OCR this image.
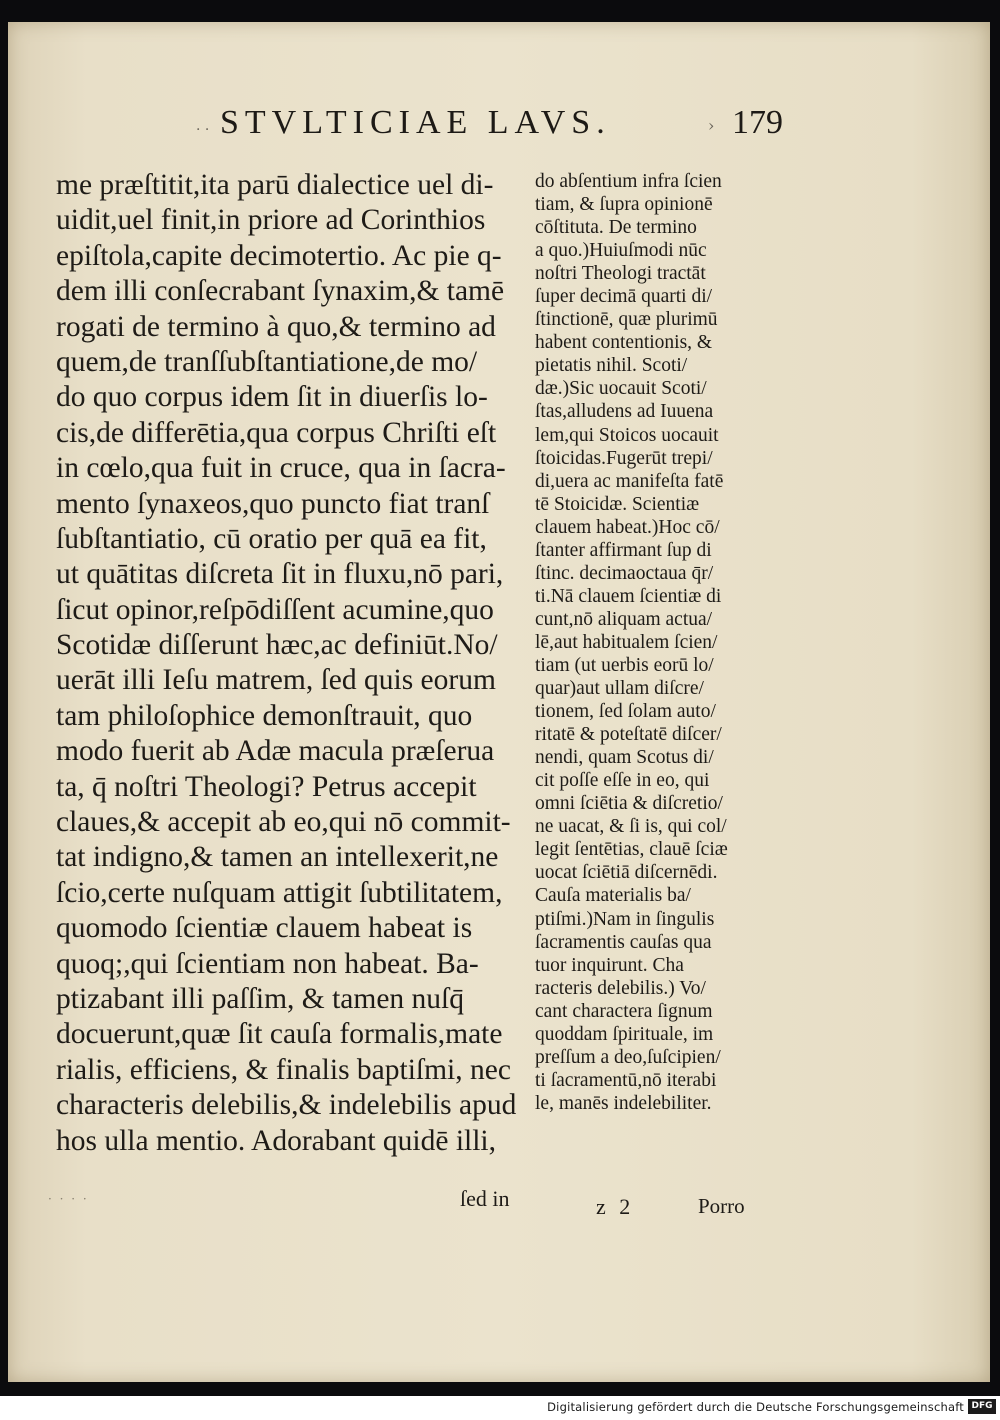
· · STVLTICIAE LAVS.	› 179
me præſtitit,ita parū dialectice uel di-
uidit,uel finit,in priore ad Corinthios
epiſtola,capite decimotertio. Ac pie q-
dem illi conſecrabant ſynaxim,& tamē
rogati de termino à quo,& termino ad
quem,de tranſſubſtantiatione,de mo/
do quo corpus idem ſit in diuerſis lo-
cis,de differētia,qua corpus Chriſti eſt
in cœlo,qua fuit in cruce, qua in ſacra-
mento ſynaxeos,quo puncto fiat tranſ
ſubſtantiatio, cū oratio per quā ea fit,
ut quātitas diſcreta ſit in fluxu,nō pari,
ſicut opinor,reſpōdiſſent acumine,quo
Scotidæ diſſerunt hæc,ac definiūt.No/
uerāt illi Ieſu matrem, ſed quis eorum
tam philoſophice demonſtrauit, quo
modo fuerit ab Adæ macula præſerua
ta, q̄ noſtri Theologi? Petrus accepit
claues,& accepit ab eo,qui nō commit-
tat indigno,& tamen an intellexerit,ne
ſcio,certe nuſquam attigit ſubtilitatem,
quomodo ſcientiæ clauem habeat is
quoq;,qui ſcientiam non habeat. Ba-
ptizabant illi paſſim, & tamen nuſq̄
docuerunt,quæ ſit cauſa formalis,mate
rialis, efficiens, & finalis baptiſmi, nec
characteris delebilis,& indelebilis apud
hos ulla mentio. Adorabant quidē illi,
do abſentium infra ſcien
tiam, & ſupra opinionē
cōſtituta. De termino
a quo.)Huiuſmodi nūc
noſtri Theologi tractāt
ſuper decimā quarti di/
ſtinctionē, quæ plurimū
habent contentionis, &
pietatis nihil. Scoti/
dæ.)Sic uocauit Scoti/
ſtas,alludens ad Iuuena
lem,qui Stoicos uocauit
ſtoicidas.Fugerūt trepi/
di,uera ac manifeſta fatē
tē Stoicidæ. Scientiæ
clauem habeat.)Hoc cō/
ſtanter affirmant ſup di
ſtinc. decimaoctaua q̄r/
ti.Nā clauem ſcientiæ di
cunt,nō aliquam actua/
lē,aut habitualem ſcien/
tiam (ut uerbis eorū lo/
quar)aut ullam diſcre/
tionem, ſed ſolam auto/
ritatē & poteſtatē diſcer/
nendi, quam Scotus di/
cit poſſe eſſe in eo, qui
omni ſciētia & diſcretio/
ne uacat, & ſi is, qui col/
legit ſentētias, clauē ſciæ
uocat ſciētiā diſcernēdi.
Cauſa materialis ba/
ptiſmi.)Nam in ſingulis
ſacramentis cauſas qua
tuor inquirunt. Cha
racteris delebilis.) Vo/
cant charactera ſignum
quoddam ſpirituale, im
preſſum a deo,ſuſcipien/
ti ſacramentū,nō iterabi
le, manēs indelebiliter.
· · · ·	ſed in	z 2	Porro
Digitalisierung gefördert durch die Deutsche Forschungsgemeinschaft DFG
